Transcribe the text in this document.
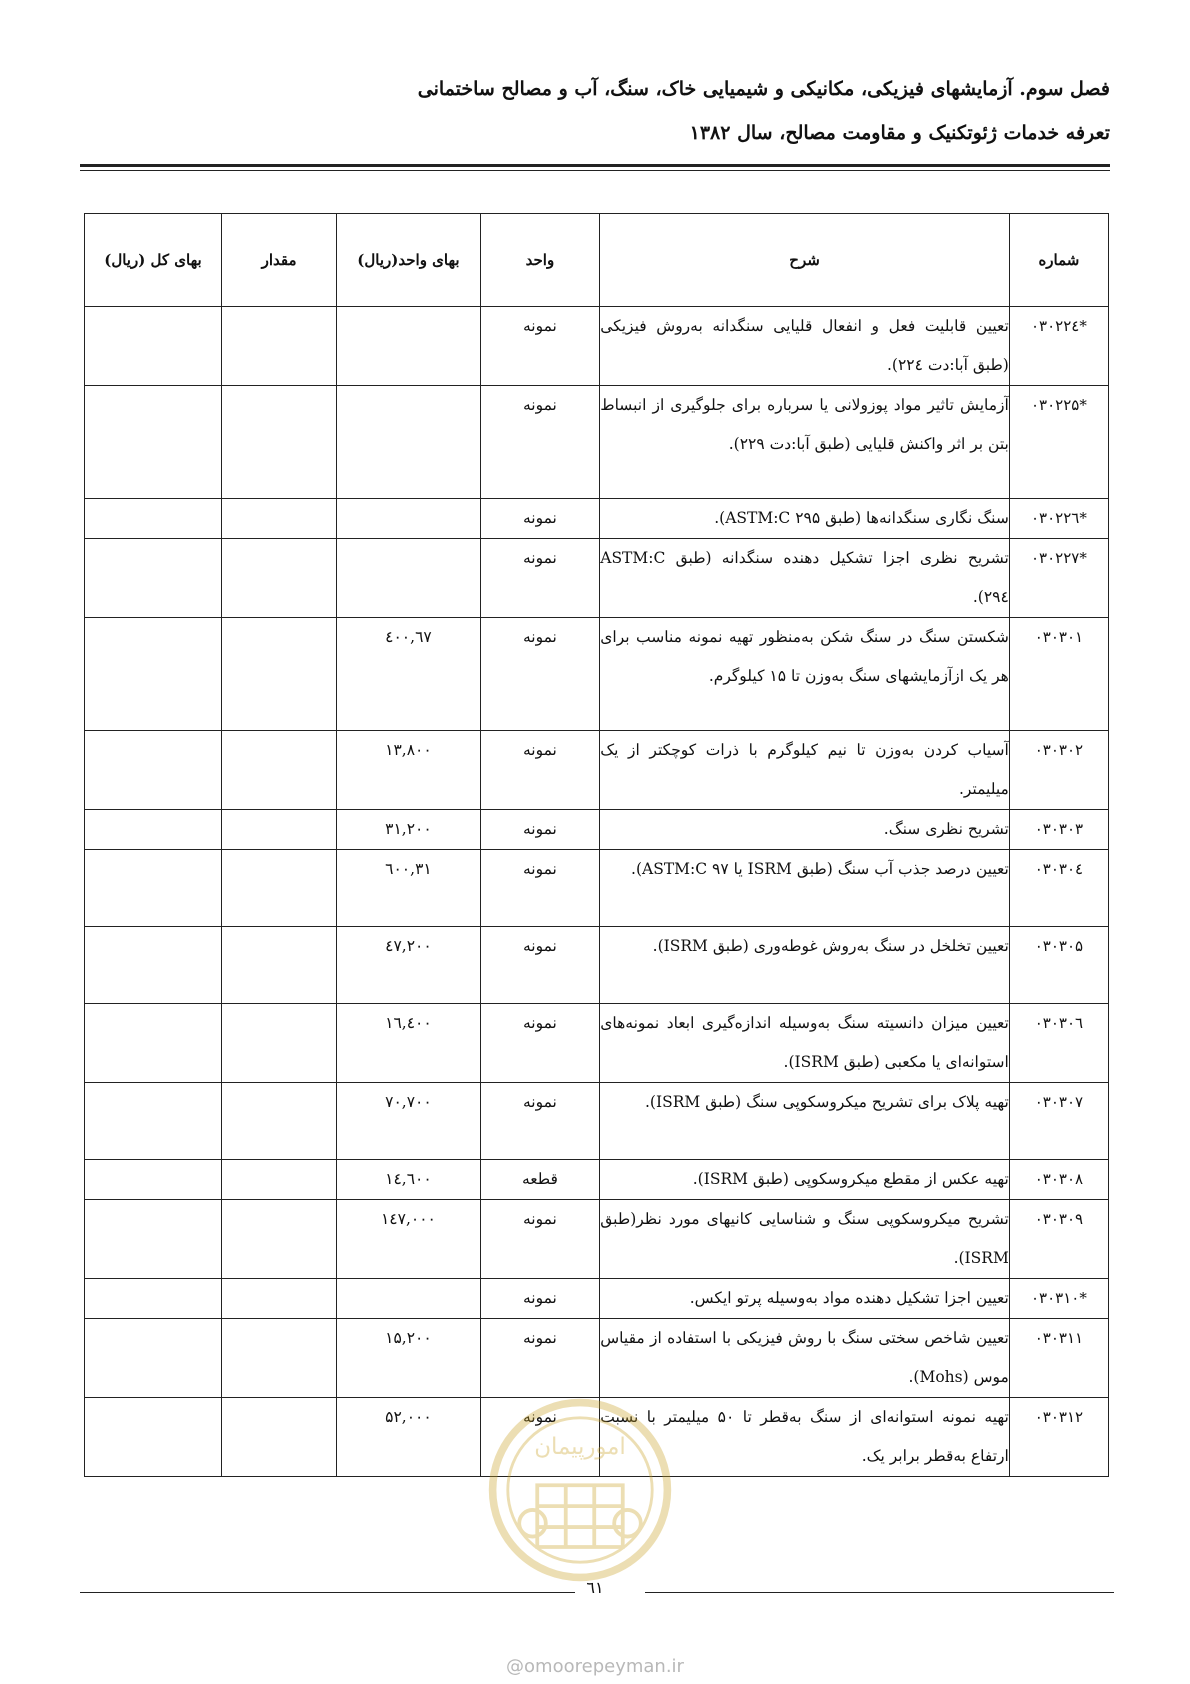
فصل سوم. آزمایشهای فیزیکی، مکانیکی و شیمیایی خاک، سنگ، آب و مصالح ساختمانی
تعرفه خدمات ژئوتکنیک و مقاومت مصالح، سال ۱۳۸۲
شماره	شرح	واحد	بهای واحد(ریال)	مقدار	بهای کل (ریال)
*۰۳۰۲۲٤	تعیین قابلیت فعل و انفعال قلیایی سنگدانه به‌روش فیزیکی (طبق آبا:دت ۲۲٤).	نمونه			
*۰۳۰۲۲۵	آزمایش تاثیر مواد پوزولانی یا سرباره برای جلوگیری از انبساط بتن بر اثر واکنش قلیایی (طبق آبا:دت ۲۲۹).	نمونه			
*۰۳۰۲۲٦	سنگ نگاری سنگدانه‌ها (طبق ASTM:C ۲۹۵).	نمونه			
*۰۳۰۲۲۷	تشریح نظری اجزا تشکیل دهنده سنگدانه (طبق ASTM:C ۲۹٤).	نمونه			
۰۳۰۳۰۱	شکستن سنگ در سنگ شکن به‌منظور تهیه نمونه مناسب برای هر یک ازآزمایشهای سنگ به‌وزن تا ۱۵ کیلوگرم.	نمونه	٦۷,٤۰۰		
۰۳۰۳۰۲	آسیاب کردن به‌وزن تا نیم کیلوگرم با ذرات کوچکتر از یک میلیمتر.	نمونه	۱۳,۸۰۰		
۰۳۰۳۰۳	تشریح نظری سنگ.	نمونه	۳۱,۲۰۰		
۰۳۰۳۰٤	تعیین درصد جذب آب سنگ (طبق ISRM یا ASTM:C ۹۷).	نمونه	۳۱,٦۰۰		
۰۳۰۳۰۵	تعیین تخلخل در سنگ به‌روش غوطه‌وری (طبق ISRM).	نمونه	٤۷,۲۰۰		
۰۳۰۳۰٦	تعیین میزان دانسیته سنگ به‌وسیله اندازه‌گیری ابعاد نمونه‌های استوانه‌ای یا مکعبی (طبق ISRM).	نمونه	۱٦,٤۰۰		
۰۳۰۳۰۷	تهیه پلاک برای تشریح میکروسکوپی سنگ (طبق ISRM).	نمونه	۷۰,۷۰۰		
۰۳۰۳۰۸	تهیه عکس از مقطع میکروسکوپی (طبق ISRM).	قطعه	۱٤,٦۰۰		
۰۳۰۳۰۹	تشریح میکروسکوپی سنگ و شناسایی کانیهای مورد نظر(طبق ISRM).	نمونه	۱٤۷,۰۰۰		
*۰۳۰۳۱۰	تعیین اجزا تشکیل دهنده مواد به‌وسیله پرتو ایکس.	نمونه			
۰۳۰۳۱۱	تعیین شاخص سختی سنگ با روش فیزیکی با استفاده از مقیاس موس (Mohs).	نمونه	۱۵,۲۰۰		
۰۳۰۳۱۲	تهیه نمونه استوانه‌ای از سنگ به‌قطر تا ۵۰ میلیمتر با نسبت ارتفاع به‌قطر برابر یک.	نمونه	۵۲,۰۰۰		
٦۱
امورپیمان
@omoorepeyman.ir
